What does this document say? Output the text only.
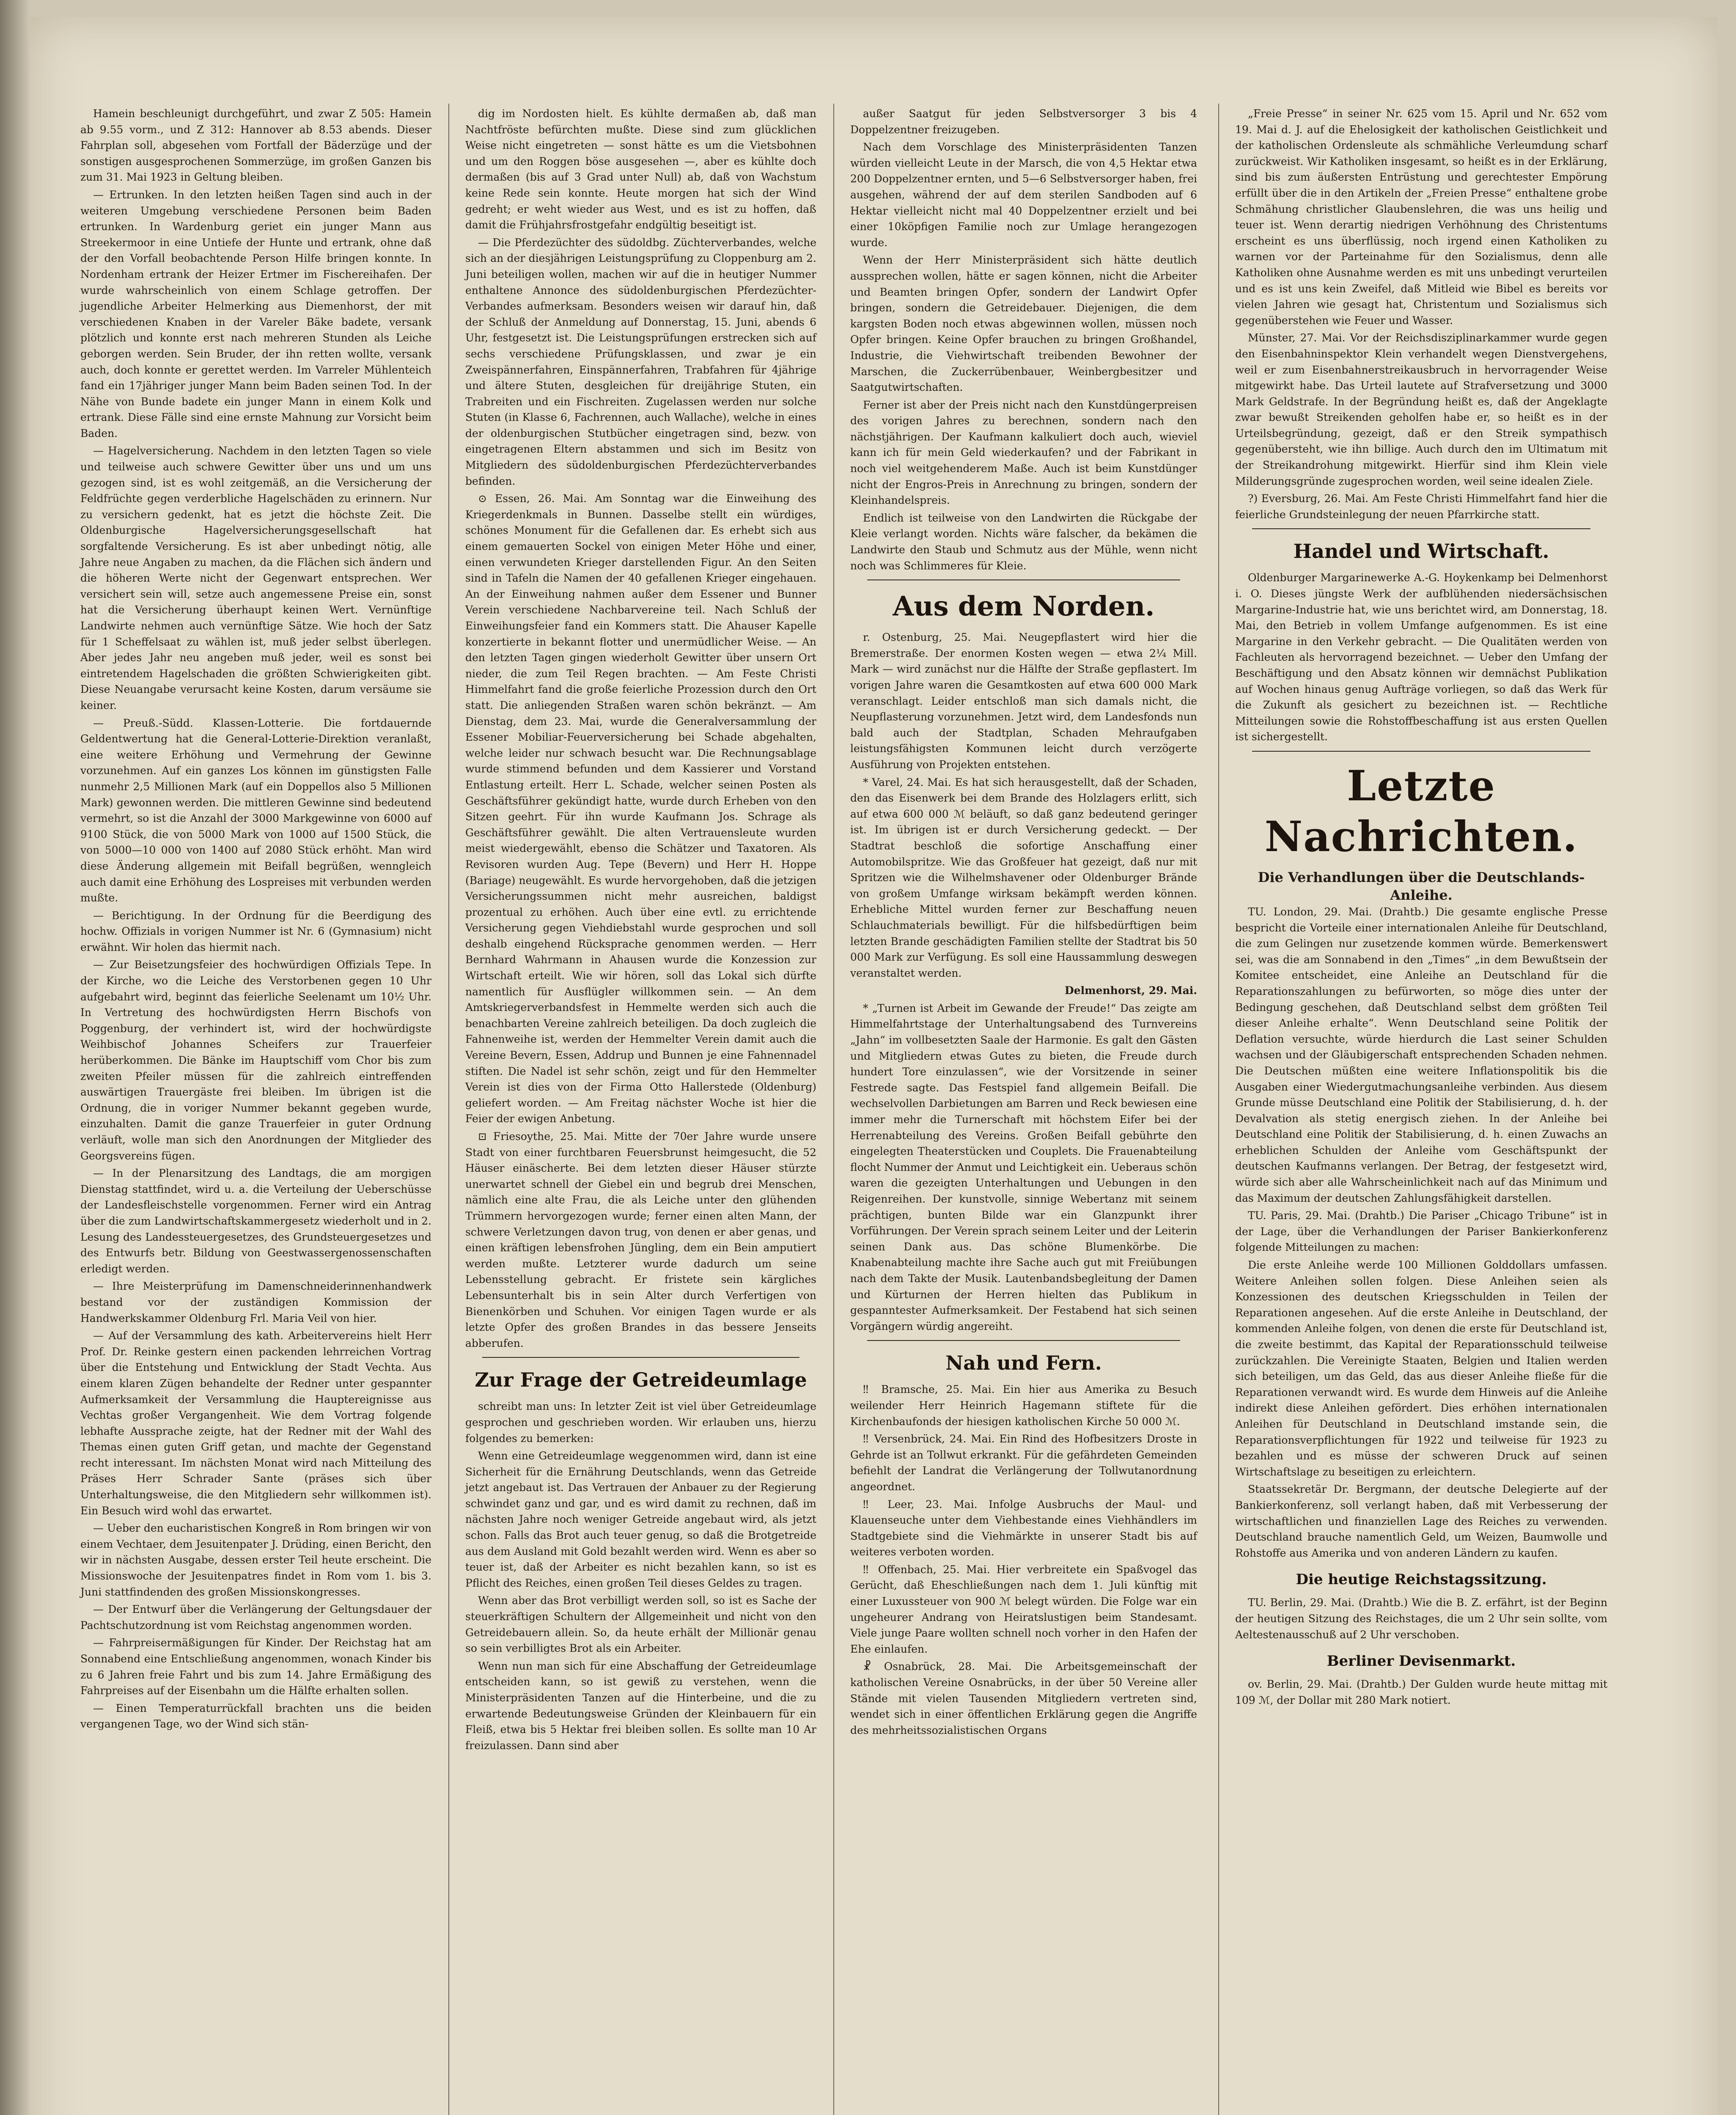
Hamein beschleunigt durchgeführt, und zwar Z 505: Hamein ab 9.55 vorm., und Z 312: Hannover ab 8.53 abends. Dieser Fahrplan soll, abgesehen vom Fortfall der Bäderzüge und der sonstigen ausgesprochenen Sommerzüge, im großen Ganzen bis zum 31. Mai 1923 in Geltung bleiben.

— Ertrunken. In den letzten heißen Tagen sind auch in der weiteren Umgebung verschiedene Personen beim Baden ertrunken. In Wardenburg geriet ein junger Mann aus Streekermoor in eine Untiefe der Hunte und ertrank, ohne daß der den Vorfall beobachtende Person Hilfe bringen konnte. In Nordenham ertrank der Heizer Ertmer im Fischereihafen. Der wurde wahrscheinlich von einem Schlage getroffen. Der jugendliche Arbeiter Helmerking aus Diemenhorst, der mit verschiedenen Knaben in der Vareler Bäke badete, versank plötzlich und konnte erst nach mehreren Stunden als Leiche geborgen werden. Sein Bruder, der ihn retten wollte, versank auch, doch konnte er gerettet werden. Im Varreler Mühlenteich fand ein 17jähriger junger Mann beim Baden seinen Tod. In der Nähe von Bunde badete ein junger Mann in einem Kolk und ertrank. Diese Fälle sind eine ernste Mahnung zur Vorsicht beim Baden.

— Hagelversicherung. Nachdem in den letzten Tagen so viele und teilweise auch schwere Gewitter über uns und um uns gezogen sind, ist es wohl zeitgemäß, an die Versicherung der Feldfrüchte gegen verderbliche Hagelschäden zu erinnern. Nur zu versichern gedenkt, hat es jetzt die höchste Zeit. Die Oldenburgische Hagelversicherungsgesellschaft hat sorgfaltende Versicherung. Es ist aber unbedingt nötig, alle Jahre neue Angaben zu machen, da die Flächen sich ändern und die höheren Werte nicht der Gegenwart entsprechen. Wer versichert sein will, setze auch angemessene Preise ein, sonst hat die Versicherung überhaupt keinen Wert. Vernünftige Landwirte nehmen auch vernünftige Sätze. Wie hoch der Satz für 1 Scheffelsaat zu wählen ist, muß jeder selbst überlegen. Aber jedes Jahr neu angeben muß jeder, weil es sonst bei eintretendem Hagelschaden die größten Schwierigkeiten gibt. Diese Neuangabe verursacht keine Kosten, darum versäume sie keiner.

— Preuß.-Südd. Klassen-Lotterie. Die fortdauernde Geldentwertung hat die General-Lotterie-Direktion veranlaßt, eine weitere Erhöhung und Vermehrung der Gewinne vorzunehmen. Auf ein ganzes Los können im günstigsten Falle nunmehr 2,5 Millionen Mark (auf ein Doppellos also 5 Millionen Mark) gewonnen werden. Die mittleren Gewinne sind bedeutend vermehrt, so ist die Anzahl der 3000 Markgewinne von 6000 auf 9100 Stück, die von 5000 Mark von 1000 auf 1500 Stück, die von 5000—10 000 von 1400 auf 2080 Stück erhöht. Man wird diese Änderung allgemein mit Beifall begrüßen, wenngleich auch damit eine Erhöhung des Lospreises mit verbunden werden mußte.

— Berichtigung. In der Ordnung für die Beerdigung des hochw. Offizials in vorigen Nummer ist Nr. 6 (Gymnasium) nicht erwähnt. Wir holen das hiermit nach.

— Zur Beisetzungsfeier des hochwürdigen Offizials Tepe. In der Kirche, wo die Leiche des Verstorbenen gegen 10 Uhr aufgebahrt wird, beginnt das feierliche Seelenamt um 10½ Uhr. In Vertretung des hochwürdigsten Herrn Bischofs von Poggenburg, der verhindert ist, wird der hochwürdigste Weihbischof Johannes Scheifers zur Trauerfeier herüberkommen. Die Bänke im Hauptschiff vom Chor bis zum zweiten Pfeiler müssen für die zahlreich eintreffenden auswärtigen Trauergäste frei bleiben. Im übrigen ist die Ordnung, die in voriger Nummer bekannt gegeben wurde, einzuhalten. Damit die ganze Trauerfeier in guter Ordnung verläuft, wolle man sich den Anordnungen der Mitglieder des Georgsvereins fügen.

— In der Plenarsitzung des Landtags, die am morgigen Dienstag stattfindet, wird u. a. die Verteilung der Ueberschüsse der Landesfleischstelle vorgenommen. Ferner wird ein Antrag über die zum Landwirtschaftskammergesetz wiederholt und in 2. Lesung des Landessteuergesetzes, des Grundsteuergesetzes und des Entwurfs betr. Bildung von Geestwassergenossenschaften erledigt werden.

— Ihre Meisterprüfung im Damenschneiderinnenhandwerk bestand vor der zuständigen Kommission der Handwerkskammer Oldenburg Frl. Maria Veil von hier.

— Auf der Versammlung des kath. Arbeitervereins hielt Herr Prof. Dr. Reinke gestern einen packenden lehrreichen Vortrag über die Entstehung und Entwicklung der Stadt Vechta. Aus einem klaren Zügen behandelte der Redner unter gespannter Aufmerksamkeit der Versammlung die Hauptereignisse aus Vechtas großer Vergangenheit. Wie dem Vortrag folgende lebhafte Aussprache zeigte, hat der Redner mit der Wahl des Themas einen guten Griff getan, und machte der Gegenstand recht interessant. Im nächsten Monat wird nach Mitteilung des Präses Herr Schrader Sante (präses sich über Unterhaltungsweise, die den Mitgliedern sehr willkommen ist). Ein Besuch wird wohl das erwartet.

— Ueber den eucharistischen Kongreß in Rom bringen wir von einem Vechtaer, dem Jesuitenpater J. Drüding, einen Bericht, den wir in nächsten Ausgabe, dessen erster Teil heute erscheint. Die Missionswoche der Jesuitenpatres findet in Rom vom 1. bis 3. Juni stattfindenden des großen Missionskongresses.

— Der Entwurf über die Verlängerung der Geltungsdauer der Pachtschutzordnung ist vom Reichstag angenommen worden.

— Fahrpreisermäßigungen für Kinder. Der Reichstag hat am Sonnabend eine Entschließung angenommen, wonach Kinder bis zu 6 Jahren freie Fahrt und bis zum 14. Jahre Ermäßigung des Fahrpreises auf der Eisenbahn um die Hälfte erhalten sollen.

— Einen Temperaturrückfall brachten uns die beiden vergangenen Tage, wo der Wind sich stän-

dig im Nordosten hielt. Es kühlte dermaßen ab, daß man Nachtfröste befürchten mußte. Diese sind zum glücklichen Weise nicht eingetreten — sonst hätte es um die Vietsbohnen und um den Roggen böse ausgesehen —, aber es kühlte doch dermaßen (bis auf 3 Grad unter Null) ab, daß von Wachstum keine Rede sein konnte. Heute morgen hat sich der Wind gedreht; er weht wieder aus West, und es ist zu hoffen, daß damit die Frühjahrsfrostgefahr endgültig beseitigt ist.

— Die Pferdezüchter des südoldbg. Züchterverbandes, welche sich an der diesjährigen Leistungsprüfung zu Cloppenburg am 2. Juni beteiligen wollen, machen wir auf die in heutiger Nummer enthaltene Annonce des südoldenburgischen Pferdezüchter-Verbandes aufmerksam. Besonders weisen wir darauf hin, daß der Schluß der Anmeldung auf Donnerstag, 15. Juni, abends 6 Uhr, festgesetzt ist. Die Leistungsprüfungen erstrecken sich auf sechs verschiedene Prüfungsklassen, und zwar je ein Zweispännerfahren, Einspännerfahren, Trabfahren für 4jährige und ältere Stuten, desgleichen für dreijährige Stuten, ein Trabreiten und ein Fischreiten. Zugelassen werden nur solche Stuten (in Klasse 6, Fachrennen, auch Wallache), welche in eines der oldenburgischen Stutbücher eingetragen sind, bezw. von eingetragenen Eltern abstammen und sich im Besitz von Mitgliedern des südoldenburgischen Pferdezüchterverbandes befinden.

⊙ Essen, 26. Mai. Am Sonntag war die Einweihung des Kriegerdenkmals in Bunnen. Dasselbe stellt ein würdiges, schönes Monument für die Gefallenen dar. Es erhebt sich aus einem gemauerten Sockel von einigen Meter Höhe und einer, einen verwundeten Krieger darstellenden Figur. An den Seiten sind in Tafeln die Namen der 40 gefallenen Krieger eingehauen. An der Einweihung nahmen außer dem Essener und Bunner Verein verschiedene Nachbarvereine teil. Nach Schluß der Einweihungsfeier fand ein Kommers statt. Die Ahauser Kapelle konzertierte in bekannt flotter und unermüdlicher Weise. — An den letzten Tagen gingen wiederholt Gewitter über unsern Ort nieder, die zum Teil Regen brachten. — Am Feste Christi Himmelfahrt fand die große feierliche Prozession durch den Ort statt. Die anliegenden Straßen waren schön bekränzt. — Am Dienstag, dem 23. Mai, wurde die Generalversammlung der Essener Mobiliar-Feuerversicherung bei Schade abgehalten, welche leider nur schwach besucht war. Die Rechnungsablage wurde stimmend befunden und dem Kassierer und Vorstand Entlastung erteilt. Herr L. Schade, welcher seinen Posten als Geschäftsführer gekündigt hatte, wurde durch Erheben von den Sitzen geehrt. Für ihn wurde Kaufmann Jos. Schrage als Geschäftsführer gewählt. Die alten Vertrauensleute wurden meist wiedergewählt, ebenso die Schätzer und Taxatoren. Als Revisoren wurden Aug. Tepe (Bevern) und Herr H. Hoppe (Bariage) neugewählt. Es wurde hervorgehoben, daß die jetzigen Versicherungssummen nicht mehr ausreichen, baldigst prozentual zu erhöhen. Auch über eine evtl. zu errichtende Versicherung gegen Viehdiebstahl wurde gesprochen und soll deshalb eingehend Rücksprache genommen werden. — Herr Bernhard Wahrmann in Ahausen wurde die Konzession zur Wirtschaft erteilt. Wie wir hören, soll das Lokal sich dürfte namentlich für Ausflügler willkommen sein. — An dem Amtskriegerverbandsfest in Hemmelte werden sich auch die benachbarten Vereine zahlreich beteiligen. Da doch zugleich die Fahnenweihe ist, werden der Hemmelter Verein damit auch die Vereine Bevern, Essen, Addrup und Bunnen je eine Fahnennadel stiften. Die Nadel ist sehr schön, zeigt und für den Hemmelter Verein ist dies von der Firma Otto Hallerstede (Oldenburg) geliefert worden. — Am Freitag nächster Woche ist hier die Feier der ewigen Anbetung.

⊡ Friesoythe, 25. Mai. Mitte der 70er Jahre wurde unsere Stadt von einer furchtbaren Feuersbrunst heimgesucht, die 52 Häuser einäscherte. Bei dem letzten dieser Häuser stürzte unerwartet schnell der Giebel ein und begrub drei Menschen, nämlich eine alte Frau, die als Leiche unter den glühenden Trümmern hervorgezogen wurde; ferner einen alten Mann, der schwere Verletzungen davon trug, von denen er aber genas, und einen kräftigen lebensfrohen Jüngling, dem ein Bein amputiert werden mußte. Letzterer wurde dadurch um seine Lebensstellung gebracht. Er fristete sein kärgliches Lebensunterhalt bis in sein Alter durch Verfertigen von Bienenkörben und Schuhen. Vor einigen Tagen wurde er als letzte Opfer des großen Brandes in das bessere Jenseits abberufen.

Zur Frage der Getreideumlage

schreibt man uns: In letzter Zeit ist viel über Getreideumlage gesprochen und geschrieben worden. Wir erlauben uns, hierzu folgendes zu bemerken:

Wenn eine Getreideumlage weggenommen wird, dann ist eine Sicherheit für die Ernährung Deutschlands, wenn das Getreide jetzt angebaut ist. Das Vertrauen der Anbauer zu der Regierung schwindet ganz und gar, und es wird damit zu rechnen, daß im nächsten Jahre noch weniger Getreide angebaut wird, als jetzt schon. Falls das Brot auch teuer genug, so daß die Brotgetreide aus dem Ausland mit Gold bezahlt werden wird. Wenn es aber so teuer ist, daß der Arbeiter es nicht bezahlen kann, so ist es Pflicht des Reiches, einen großen Teil dieses Geldes zu tragen.

Wenn aber das Brot verbilligt werden soll, so ist es Sache der steuerkräftigen Schultern der Allgemeinheit und nicht von den Getreidebauern allein. So, da heute erhält der Millionär genau so sein verbilligtes Brot als ein Arbeiter.

Wenn nun man sich für eine Abschaffung der Getreideumlage entscheiden kann, so ist gewiß zu verstehen, wenn die Ministerpräsidenten Tanzen auf die Hinterbeine, und die zu erwartende Bedeutungsweise Gründen der Kleinbauern für ein Fleiß, etwa bis 5 Hektar frei bleiben sollen. Es sollte man 10 Ar freizulassen. Dann sind aber

außer Saatgut für jeden Selbstversorger 3 bis 4 Doppelzentner freizugeben.

Nach dem Vorschlage des Ministerpräsidenten Tanzen würden vielleicht Leute in der Marsch, die von 4,5 Hektar etwa 200 Doppelzentner ernten, und 5—6 Selbstversorger haben, frei ausgehen, während der auf dem sterilen Sandboden auf 6 Hektar vielleicht nicht mal 40 Doppelzentner erzielt und bei einer 10köpfigen Familie noch zur Umlage herangezogen wurde.

Wenn der Herr Ministerpräsident sich hätte deutlich aussprechen wollen, hätte er sagen können, nicht die Arbeiter und Beamten bringen Opfer, sondern der Landwirt Opfer bringen, sondern die Getreidebauer. Diejenigen, die dem kargsten Boden noch etwas abgewinnen wollen, müssen noch Opfer bringen. Keine Opfer brauchen zu bringen Großhandel, Industrie, die Viehwirtschaft treibenden Bewohner der Marschen, die Zuckerrübenbauer, Weinbergbesitzer und Saatgutwirtschaften.

Ferner ist aber der Preis nicht nach den Kunstdüngerpreisen des vorigen Jahres zu berechnen, sondern nach den nächstjährigen. Der Kaufmann kalkuliert doch auch, wieviel kann ich für mein Geld wiederkaufen? und der Fabrikant in noch viel weitgehenderem Maße. Auch ist beim Kunstdünger nicht der Engros-Preis in Anrechnung zu bringen, sondern der Kleinhandelspreis.

Endlich ist teilweise von den Landwirten die Rückgabe der Kleie verlangt worden. Nichts wäre falscher, da bekämen die Landwirte den Staub und Schmutz aus der Mühle, wenn nicht noch was Schlimmeres für Kleie.

Aus dem Norden.

r. Ostenburg, 25. Mai. Neugepflastert wird hier die Bremerstraße. Der enormen Kosten wegen — etwa 2¼ Mill. Mark — wird zunächst nur die Hälfte der Straße gepflastert. Im vorigen Jahre waren die Gesamtkosten auf etwa 600 000 Mark veranschlagt. Leider entschloß man sich damals nicht, die Neupflasterung vorzunehmen. Jetzt wird, dem Landesfonds nun bald auch der Stadtplan, Schaden Mehraufgaben leistungsfähigsten Kommunen leicht durch verzögerte Ausführung von Projekten entstehen.

* Varel, 24. Mai. Es hat sich herausgestellt, daß der Schaden, den das Eisenwerk bei dem Brande des Holzlagers erlitt, sich auf etwa 600 000 ℳ beläuft, so daß ganz bedeutend geringer ist. Im übrigen ist er durch Versicherung gedeckt. — Der Stadtrat beschloß die sofortige Anschaffung einer Automobilspritze. Wie das Großfeuer hat gezeigt, daß nur mit Spritzen wie die Wilhelmshavener oder Oldenburger Brände von großem Umfange wirksam bekämpft werden können. Erhebliche Mittel wurden ferner zur Beschaffung neuen Schlauchmaterials bewilligt. Für die hilfsbedürftigen beim letzten Brande geschädigten Familien stellte der Stadtrat bis 50 000 Mark zur Verfügung. Es soll eine Haussammlung deswegen veranstaltet werden.

Delmenhorst, 29. Mai.

* „Turnen ist Arbeit im Gewande der Freude!“ Das zeigte am Himmelfahrtstage der Unterhaltungsabend des Turnvereins „Jahn“ im vollbesetzten Saale der Harmonie. Es galt den Gästen und Mitgliedern etwas Gutes zu bieten, die Freude durch hundert Tore einzulassen“, wie der Vorsitzende in seiner Festrede sagte. Das Festspiel fand allgemein Beifall. Die wechselvollen Darbietungen am Barren und Reck bewiesen eine immer mehr die Turnerschaft mit höchstem Eifer bei der Herrenabteilung des Vereins. Großen Beifall gebührte den eingelegten Theaterstücken und Couplets. Die Frauenabteilung flocht Nummer der Anmut und Leichtigkeit ein. Ueberaus schön waren die gezeigten Unterhaltungen und Uebungen in den Reigenreihen. Der kunstvolle, sinnige Webertanz mit seinem prächtigen, bunten Bilde war ein Glanzpunkt ihrer Vorführungen. Der Verein sprach seinem Leiter und der Leiterin seinen Dank aus. Das schöne Blumenkörbe. Die Knabenabteilung machte ihre Sache auch gut mit Freiübungen nach dem Takte der Musik. Lautenbandsbegleitung der Damen und Kürturnen der Herren hielten das Publikum in gespanntester Aufmerksamkeit. Der Festabend hat sich seinen Vorgängern würdig angereiht.

Nah und Fern.

‼ Bramsche, 25. Mai. Ein hier aus Amerika zu Besuch weilender Herr Heinrich Hagemann stiftete für die Kirchenbaufonds der hiesigen katholischen Kirche 50 000 ℳ.

‼ Versenbrück, 24. Mai. Ein Rind des Hofbesitzers Droste in Gehrde ist an Tollwut erkrankt. Für die gefährdeten Gemeinden befiehlt der Landrat die Verlängerung der Tollwutanordnung angeordnet.

‼ Leer, 23. Mai. Infolge Ausbruchs der Maul- und Klauenseuche unter dem Viehbestande eines Viehhändlers im Stadtgebiete sind die Viehmärkte in unserer Stadt bis auf weiteres verboten worden.

‼ Offenbach, 25. Mai. Hier verbreitete ein Spaßvogel das Gerücht, daß Eheschließungen nach dem 1. Juli künftig mit einer Luxussteuer von 900 ℳ belegt würden. Die Folge war ein ungeheurer Andrang von Heiratslustigen beim Standesamt. Viele junge Paare wollten schnell noch vorher in den Hafen der Ehe einlaufen.

☧ Osnabrück, 28. Mai. Die Arbeitsgemeinschaft der katholischen Vereine Osnabrücks, in der über 50 Vereine aller Stände mit vielen Tausenden Mitgliedern vertreten sind, wendet sich in einer öffentlichen Erklärung gegen die Angriffe des mehrheitssozialistischen Organs

„Freie Presse“ in seiner Nr. 625 vom 15. April und Nr. 652 vom 19. Mai d. J. auf die Ehelosigkeit der katholischen Geistlichkeit und der katholischen Ordensleute als schmähliche Verleumdung scharf zurückweist. Wir Katholiken insgesamt, so heißt es in der Erklärung, sind bis zum äußersten Entrüstung und gerechtester Empörung erfüllt über die in den Artikeln der „Freien Presse“ enthaltene grobe Schmähung christlicher Glaubenslehren, die was uns heilig und teuer ist. Wenn derartig niedrigen Verhöhnung des Christentums erscheint es uns überflüssig, noch irgend einen Katholiken zu warnen vor der Parteinahme für den Sozialismus, denn alle Katholiken ohne Ausnahme werden es mit uns unbedingt verurteilen und es ist uns kein Zweifel, daß Mitleid wie Bibel es bereits vor vielen Jahren wie gesagt hat, Christentum und Sozialismus sich gegenüberstehen wie Feuer und Wasser.

Münster, 27. Mai. Vor der Reichsdisziplinarkammer wurde gegen den Eisenbahninspektor Klein verhandelt wegen Dienstvergehens, weil er zum Eisenbahnerstreikausbruch in hervorragender Weise mitgewirkt habe. Das Urteil lautete auf Strafversetzung und 3000 Mark Geldstrafe. In der Begründung heißt es, daß der Angeklagte zwar bewußt Streikenden geholfen habe er, so heißt es in der Urteilsbegründung, gezeigt, daß er den Streik sympathisch gegenübersteht, wie ihn billige. Auch durch den im Ultimatum mit der Streikandrohung mitgewirkt. Hierfür sind ihm Klein viele Milderungsgründe zugesprochen worden, weil seine idealen Ziele.

?) Eversburg, 26. Mai. Am Feste Christi Himmelfahrt fand hier die feierliche Grundsteinlegung der neuen Pfarrkirche statt.

Handel und Wirtschaft.

Oldenburger Margarinewerke A.-G. Hoykenkamp bei Delmenhorst i. O. Dieses jüngste Werk der aufblühenden niedersächsischen Margarine-Industrie hat, wie uns berichtet wird, am Donnerstag, 18. Mai, den Betrieb in vollem Umfange aufgenommen. Es ist eine Margarine in den Verkehr gebracht. — Die Qualitäten werden von Fachleuten als hervorragend bezeichnet. — Ueber den Umfang der Beschäftigung und den Absatz können wir demnächst Publikation auf Wochen hinaus genug Aufträge vorliegen, so daß das Werk für die Zukunft als gesichert zu bezeichnen ist. — Rechtliche Mitteilungen sowie die Rohstoffbeschaffung ist aus ersten Quellen ist sichergestellt.

Letzte Nachrichten.
Die Verhandlungen über die Deutschlands-Anleihe.

TU. London, 29. Mai. (Drahtb.) Die gesamte englische Presse bespricht die Vorteile einer internationalen Anleihe für Deutschland, die zum Gelingen nur zusetzende kommen würde. Bemerkenswert sei, was die am Sonnabend in den „Times“ „in dem Bewußtsein der Komitee entscheidet, eine Anleihe an Deutschland für die Reparationszahlungen zu befürworten, so möge dies unter der Bedingung geschehen, daß Deutschland selbst dem größten Teil dieser Anleihe erhalte“. Wenn Deutschland seine Politik der Deflation versuchte, würde hierdurch die Last seiner Schulden wachsen und der Gläubigerschaft entsprechenden Schaden nehmen. Die Deutschen müßten eine weitere Inflationspolitik bis die Ausgaben einer Wiedergutmachungsanleihe verbinden. Aus diesem Grunde müsse Deutschland eine Politik der Stabilisierung, d. h. der Devalvation als stetig energisch ziehen. In der Anleihe bei Deutschland eine Politik der Stabilisierung, d. h. einen Zuwachs an erheblichen Schulden der Anleihe vom Geschäftspunkt der deutschen Kaufmanns verlangen. Der Betrag, der festgesetzt wird, würde sich aber alle Wahrscheinlichkeit nach auf das Minimum und das Maximum der deutschen Zahlungsfähigkeit darstellen.

TU. Paris, 29. Mai. (Drahtb.) Die Pariser „Chicago Tribune“ ist in der Lage, über die Verhandlungen der Pariser Bankierkonferenz folgende Mitteilungen zu machen:

Die erste Anleihe werde 100 Millionen Golddollars umfassen. Weitere Anleihen sollen folgen. Diese Anleihen seien als Konzessionen des deutschen Kriegsschulden in Teilen der Reparationen angesehen. Auf die erste Anleihe in Deutschland, der kommenden Anleihe folgen, von denen die erste für Deutschland ist, die zweite bestimmt, das Kapital der Reparationsschuld teilweise zurückzahlen. Die Vereinigte Staaten, Belgien und Italien werden sich beteiligen, um das Geld, das aus dieser Anleihe fließe für die Reparationen verwandt wird. Es wurde dem Hinweis auf die Anleihe indirekt diese Anleihen gefördert. Dies erhöhen internationalen Anleihen für Deutschland in Deutschland imstande sein, die Reparationsverpflichtungen für 1922 und teilweise für 1923 zu bezahlen und es müsse der schweren Druck auf seinen Wirtschaftslage zu beseitigen zu erleichtern.

Staatssekretär Dr. Bergmann, der deutsche Delegierte auf der Bankierkonferenz, soll verlangt haben, daß mit Verbesserung der wirtschaftlichen und finanziellen Lage des Reiches zu verwenden. Deutschland brauche namentlich Geld, um Weizen, Baumwolle und Rohstoffe aus Amerika und von anderen Ländern zu kaufen.

Die heutige Reichstagssitzung.

TU. Berlin, 29. Mai. (Drahtb.) Wie die B. Z. erfährt, ist der Beginn der heutigen Sitzung des Reichstages, die um 2 Uhr sein sollte, vom Aeltestenausschuß auf 2 Uhr verschoben.

Berliner Devisenmarkt.

ov. Berlin, 29. Mai. (Drahtb.) Der Gulden wurde heute mittag mit 109 ℳ, der Dollar mit 280 Mark notiert.
